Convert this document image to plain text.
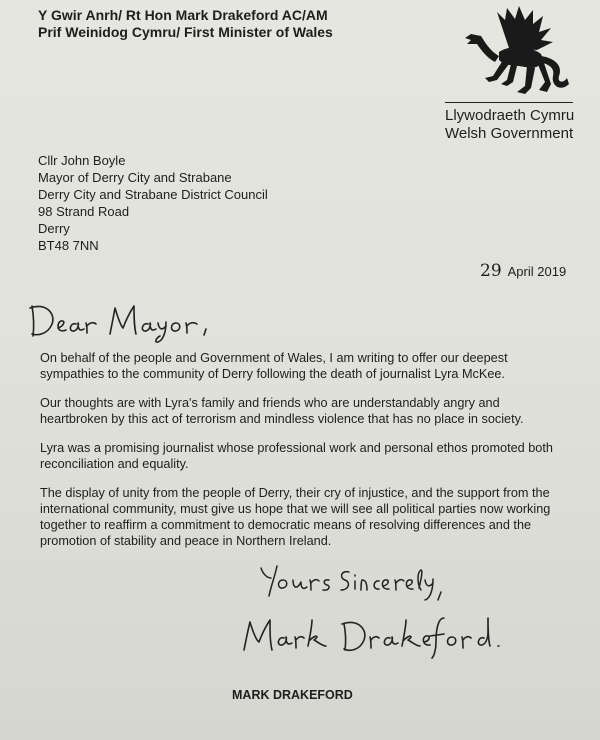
Y Gwir Anrh/ Rt Hon Mark Drakeford AC/AM
Prif Weinidog Cymru/ First Minister of Wales
Llywodraeth Cymru
Welsh Government
Cllr John Boyle
Mayor of Derry City and Strabane
Derry City and Strabane District Council
98 Strand Road
Derry
BT48 7NN
29 April 2019

On behalf of the people and Government of Wales, I am writing to offer our deepest sympathies to the community of Derry following the death of journalist Lyra McKee.

Our thoughts are with Lyra's family and friends who are understandably angry and heartbroken by this act of terrorism and mindless violence that has no place in society.

Lyra was a promising journalist whose professional work and personal ethos promoted both reconciliation and equality.

The display of unity from the people of Derry, their cry of injustice, and the support from the international community, must give us hope that we will see all political parties now working together to reaffirm a commitment to democratic means of resolving differences and the promotion of stability and peace in Northern Ireland.

MARK DRAKEFORD
